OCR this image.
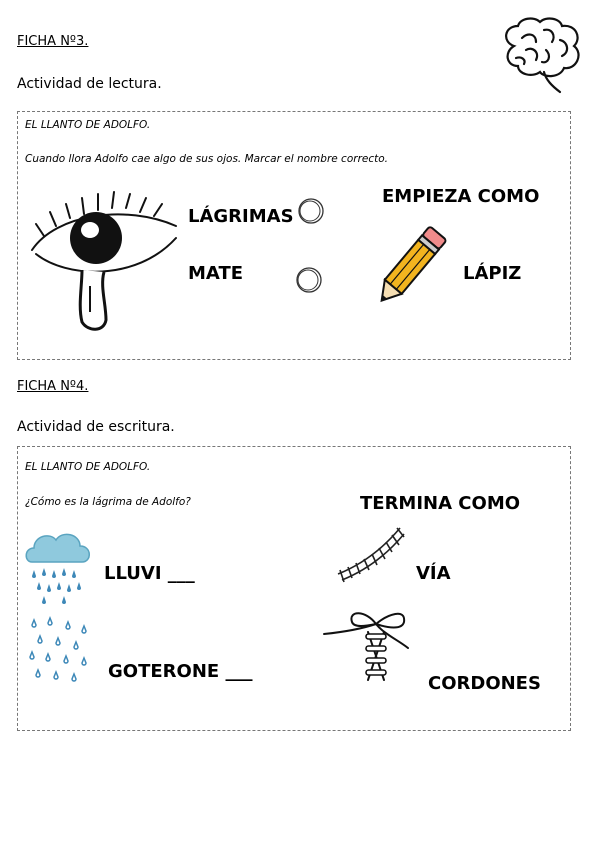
FICHA Nº3.
Actividad de lectura.
EL LLANTO DE ADOLFO.
Cuando llora Adolfo cae algo de sus ojos. Marcar el nombre correcto.
LÁGRIMAS
MATE
EMPIEZA COMO
LÁPIZ
FICHA Nº4.
Actividad de escritura.
EL LLANTO DE ADOLFO.
¿Cómo es la lágrima de Adolfo?
LLUVI ___
GOTERONE ___
TERMINA COMO
VÍA
CORDONES
